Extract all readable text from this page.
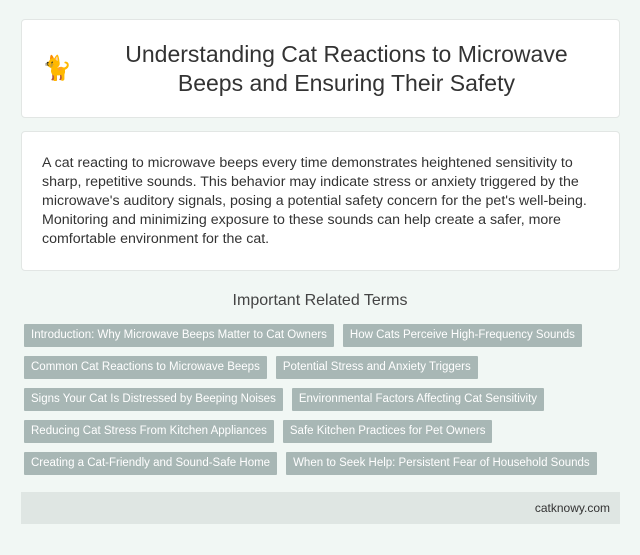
🐈
Understanding Cat Reactions to Microwave Beeps and Ensuring Their Safety

A cat reacting to microwave beeps every time demonstrates heightened sensitivity to sharp, repetitive sounds. This behavior may indicate stress or anxiety triggered by the microwave's auditory signals, posing a potential safety concern for the pet's well-being. Monitoring and minimizing exposure to these sounds can help create a safer, more comfortable environment for the cat.

Important Related Terms
Introduction: Why Microwave Beeps Matter to Cat Owners	How Cats Perceive High-Frequency Sounds
Common Cat Reactions to Microwave Beeps	Potential Stress and Anxiety Triggers
Signs Your Cat Is Distressed by Beeping Noises	Environmental Factors Affecting Cat Sensitivity
Reducing Cat Stress From Kitchen Appliances	Safe Kitchen Practices for Pet Owners
Creating a Cat-Friendly and Sound-Safe Home	When to Seek Help: Persistent Fear of Household Sounds
catknowy.com
